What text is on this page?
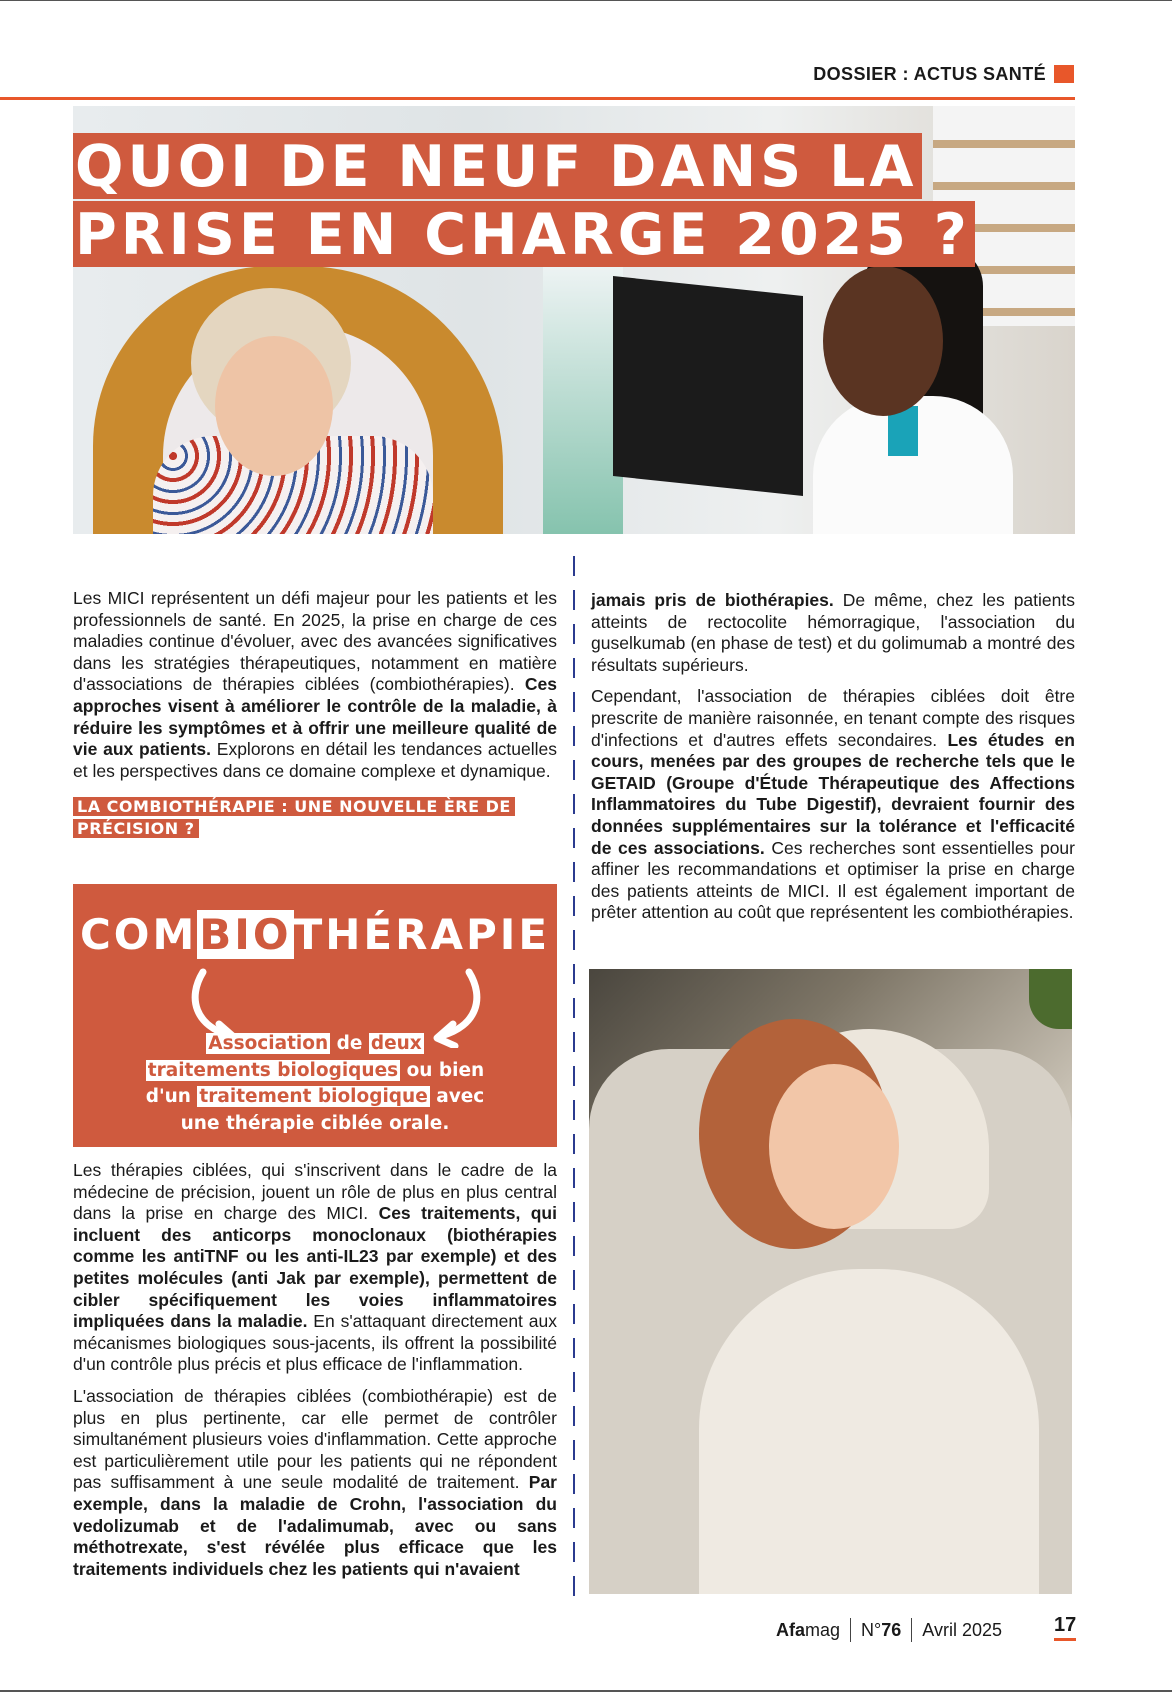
DOSSIER : ACTUS SANTÉ
QUOI DE NEUF DANS LA
PRISE EN CHARGE 2025 ?

Les MICI représentent un défi majeur pour les patients et les professionnels de santé. En 2025, la prise en charge de ces maladies continue d'évoluer, avec des avancées significatives dans les stratégies thérapeutiques, notamment en matière d'associations de thérapies ciblées (combiothérapies). Ces approches visent à améliorer le contrôle de la maladie, à réduire les symptômes et à offrir une meilleure qualité de vie aux patients. Explorons en détail les tendances actuelles et les perspectives dans ce domaine complexe et dynamique.

LA COMBIOTHÉRAPIE : UNE NOUVELLE ÈRE DE PRÉCISION ?
COMBIOTHÉRAPIE
Association de deux
traitements biologiques ou bien
d'un traitement biologique avec
une thérapie ciblée orale.

Les thérapies ciblées, qui s'inscrivent dans le cadre de la médecine de précision, jouent un rôle de plus en plus central dans la prise en charge des MICI. Ces traitements, qui incluent des anticorps monoclonaux (biothérapies comme les antiTNF ou les anti-IL23 par exemple) et des petites molécules (anti Jak par exemple), permettent de cibler spécifiquement les voies inflammatoires impliquées dans la maladie. En s'attaquant directement aux mécanismes biologiques sous-jacents, ils offrent la possibilité d'un contrôle plus précis et plus efficace de l'inflammation.

L'association de thérapies ciblées (combiothérapie) est de plus en plus pertinente, car elle permet de contrôler simultanément plusieurs voies d'inflammation. Cette approche est particulièrement utile pour les patients qui ne répondent pas suffisamment à une seule modalité de traitement. Par exemple, dans la maladie de Crohn, l'association du vedolizumab et de l'adalimumab, avec ou sans méthotrexate, s'est révélée plus efficace que les traitements individuels chez les patients qui n'avaient

jamais pris de biothérapies. De même, chez les patients atteints de rectocolite hémorragique, l'association du guselkumab (en phase de test) et du golimumab a montré des résultats supérieurs.

Cependant, l'association de thérapies ciblées doit être prescrite de manière raisonnée, en tenant compte des risques d'infections et d'autres effets secondaires. Les études en cours, menées par des groupes de recherche tels que le GETAID (Groupe d'Étude Thérapeutique des Affections Inflammatoires du Tube Digestif), devraient fournir des données supplémentaires sur la tolérance et l'efficacité de ces associations. Ces recherches sont essentielles pour affiner les recommandations et optimiser la prise en charge des patients atteints de MICI. Il est également important de prêter attention au coût que représentent les combiothérapies.

Afamag N°76 Avril 2025	17
